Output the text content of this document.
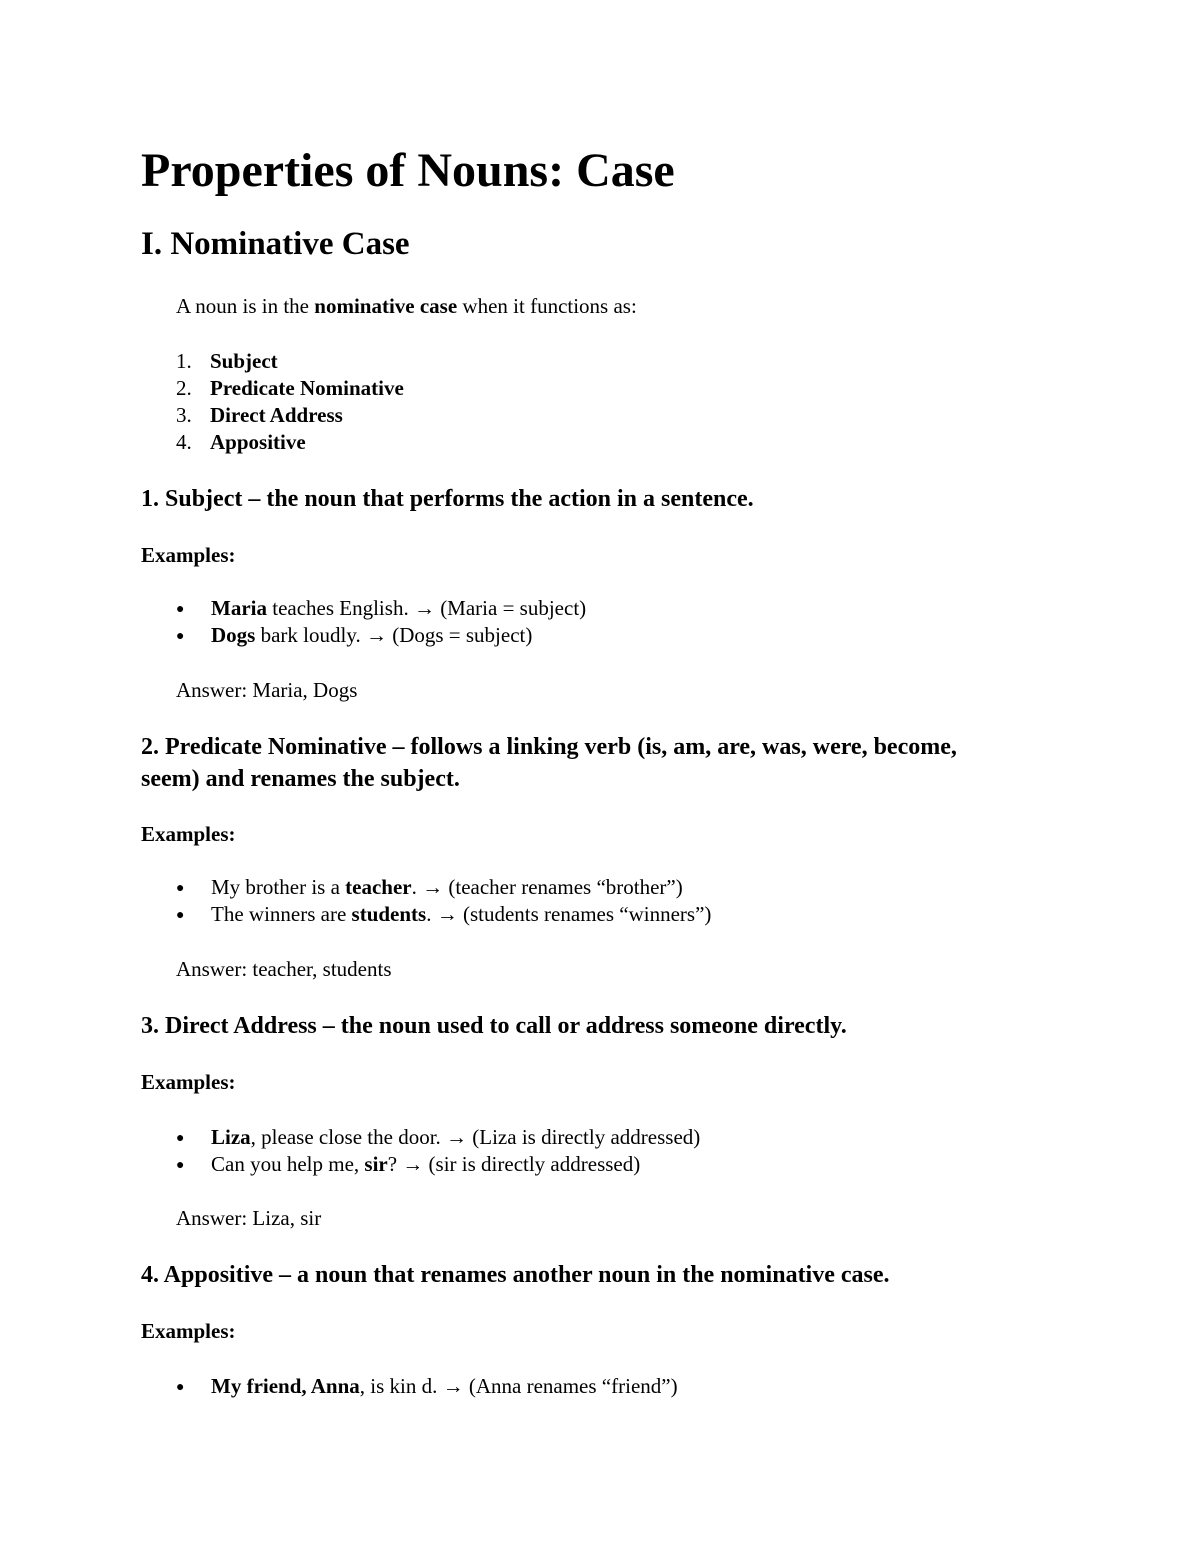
Properties of Nouns: Case
I. Nominative Case
A noun is in the nominative case when it functions as:
1. Subject
2. Predicate Nominative
3. Direct Address
4. Appositive
1. Subject – the noun that performs the action in a sentence.
Examples:
●Maria teaches English. → (Maria = subject)
●Dogs bark loudly. → (Dogs = subject)
Answer: Maria, Dogs
2. Predicate Nominative – follows a linking verb (is, am, are, was, were, become,
seem) and renames the subject.
Examples:
●My brother is a teacher. → (teacher renames “brother”)
●The winners are students. → (students renames “winners”)
Answer: teacher, students
3. Direct Address – the noun used to call or address someone directly.
Examples:
●Liza, please close the door. → (Liza is directly addressed)
●Can you help me, sir? → (sir is directly addressed)
Answer: Liza, sir
4. Appositive – a noun that renames another noun in the nominative case.
Examples:
●My friend, Anna, is kin d. → (Anna renames “friend”)
